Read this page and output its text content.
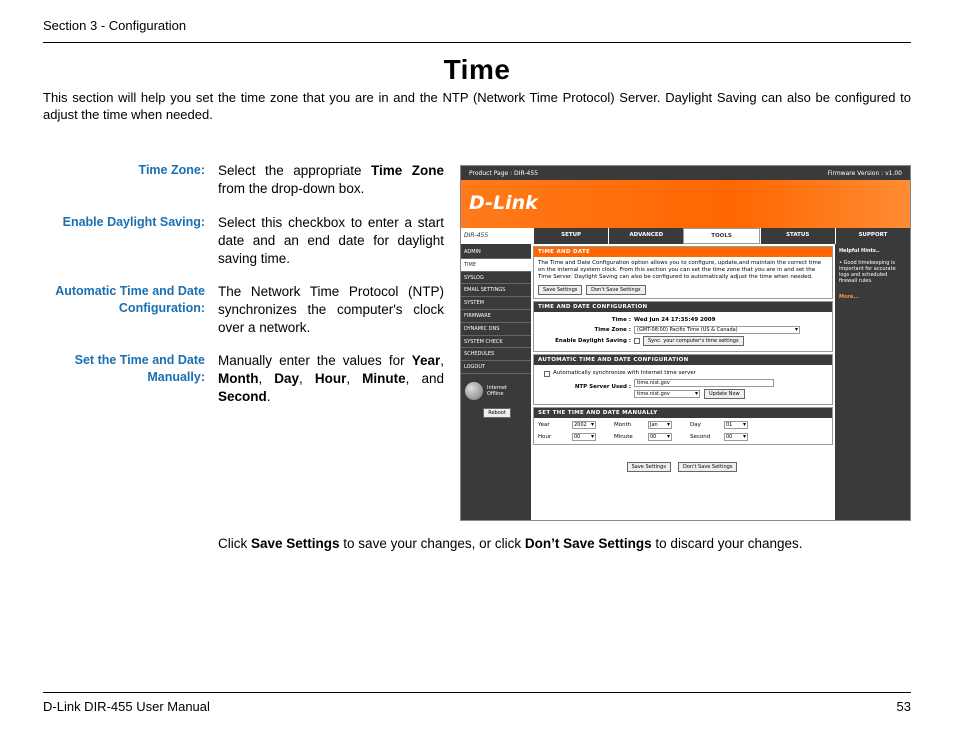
Section 3 - Configuration
Time
This section will help you set the time zone that you are in and the NTP (Network Time Protocol) Server. Daylight Saving can also be configured to adjust the time when needed.
Time Zone: Select the appropriate Time Zone from the drop-down box.
Enable Daylight Saving: Select this checkbox to enter a start date and an end date for daylight saving time.
Automatic Time and Date
Configuration:
The Network Time Protocol (NTP) synchronizes the computer's clock over a network.
Set the Time and Date
Manually:
Manually enter the values for Year, Month, Day, Hour, Minute, and Second.
Product Page : DIR-455	Firmware Version : v1.00
D-Link
DIR-455	SETUP	ADVANCED	TOOLS	STATUS	SUPPORT
ADMIN
TIME
SYSLOG
EMAIL SETTINGS
SYSTEM
FIRMWARE
DYNAMIC DNS
SYSTEM CHECK
SCHEDULES
LOGOUT
Internet
Offline
Reboot
TIME AND DATE
The Time and Date Configuration option allows you to configure, update,and maintain the correct time on the internal system clock. From this section you can set the time zone that you are in and set the Time Server. Daylight Saving can also be configured to automatically adjust the time when needed.
Save Settings	Don't Save Settings
TIME AND DATE CONFIGURATION
Time : Wed Jun 24 17:35:49 2009
Time Zone :	(GMT-08:00) Pacific Time (US & Canada)	▾
Enable Daylight Saving :	Sync. your computer's time settings
AUTOMATIC TIME AND DATE CONFIGURATION
Automatically synchronize with Internet time server
NTP Server Used :
time.nist.gov
time.nist.gov	▾	Update Now
SET THE TIME AND DATE MANUALLY
Year	2002 ▾	Month	Jan ▾	Day	01 ▾
Hour	00 ▾	Minute	00 ▾	Second	00 ▾
Save Settings	Don't Save Settings
Helpful Hints..
• Good timekeeping is important for accurate logs and scheduled firewall rules.
More...
Click Save Settings to save your changes, or click Don’t Save Settings to discard your changes.
D-Link DIR-455 User Manual	53
